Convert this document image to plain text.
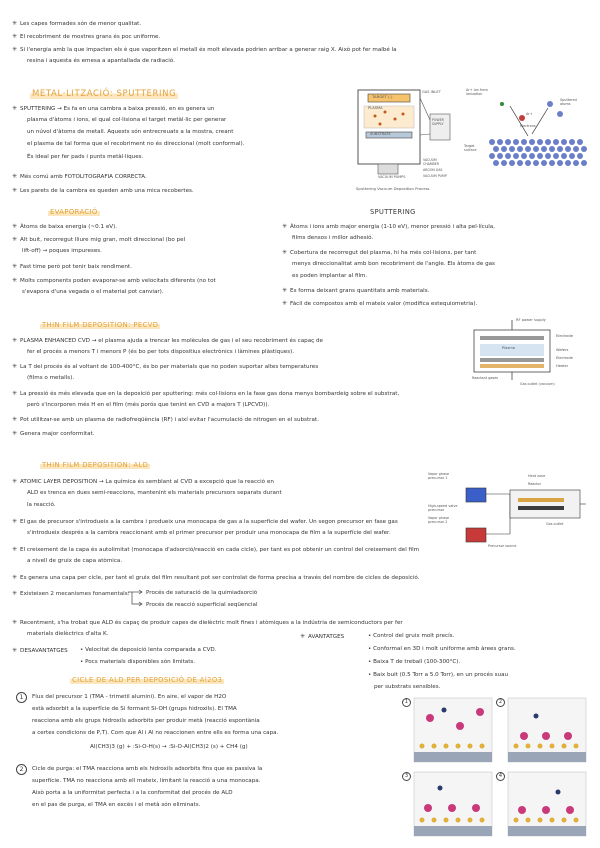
✳ Les capes formades són de menor qualitat.
✳ El recobriment de mostres grans és poc uniforme.
✳ Si l'energia amb la que impacten els è que vaporitzen el metall és molt elevada podrien arribar a generar raig X. Això pot fer malbé la
resina i aquesta és emesa a apantallada de radiació.
METAL·LITZACIÓ: SPUTTERING
✳ SPUTTERING → Es fa en una cambra a baixa pressió, en es genera un
plasma d'àtoms i ions, el qual col·lisiona el target metàl·lic per generar
un núvol d'àtoms de metall. Aquests són entrecreuats a la mostra, creant
el plasma de tal forma que el recobriment no és direccional (molt conformal).
És ideal per fer pads i punts metàl·liques.
✳ Més comú amb FOTOLITOGRAFIA CORRECTA.
✳ Les parets de la cambra es queden amb una mica recobertes.
TARGET (-)
PLASMA
SUBSTRATE
GAS INLET
VACUUM PUMPS
POWER SUPPLY
VACUUM CHAMBER
ARGON GAS
VACUUM PUMP
Sputtering Vacuum Deposition Process
Ar+ ion from ionization
Sputtered atoms
Electrons
Target surface
Ar+
EVAPORACIÓ	SPUTTERING
✳ Àtoms de baixa energia (~0.1 eV).
✳ Alt buit, recorregut lliure mig gran, molt direccional (bo pel
lift-off) → poques impureses.
✳ Fast time però pot tenir baix rendiment.
✳ Molts components poden evaporar-se amb velocitats diferents (no tot
s'evapora d'una vegada o el material pot canviar).
✳ Àtoms i ions amb major energia (1-10 eV), menor pressió i alta pel·lícula,
films densos i millor adhesió.
✳ Cobertura de recorregut del plasma, hi ha més col·lisions, per tant
menys direccionalitat amb bon recobriment de l'angle. Els àtoms de gas
es poden implantar al film.
✳ Es forma deixant grans quantitats amb materials.
✳ Fàcil de compostos amb el mateix valor (modifica estequiometria).
THIN FILM DEPOSITION: PECVD
✳ PLASMA ENHANCED CVD → el plasma ajuda a trencar les molècules de gas i el seu recobriment és capaç de
fer el procés a menors T i menors P (és bo per tots dispositius electrònics i làmines plàstiques).
✳ La T del procés és al voltant de 100-400°C, és bo per materials que no poden suportar altes temperatures
(films o metalls).
✳ La pressió és més elevada que en la deposició per sputtering: més col·lisions en la fase gas dona menys bombardeig sobre el substrat,
però s'incorporen més H en el film (més porós que tenint en CVD a majors T (LPCVD)).
✳ Pot utilitzar-se amb un plasma de radiofreqüència (RF) i així evitar l'acumulació de nitrogen en el substrat.
✳ Genera major conformitat.
RF power supply
Electrode
Plasma	Wafers
Electrode
Heater
Reactant gases
Gas outlet (vacuum)
THIN FILM DEPOSITION: ALD
✳ ATOMIC LAYER DEPOSITION → La química és semblant al CVD a excepció que la reacció en
ALD es trenca en dues semi-reaccions, mantenint els materials precursors separats durant
la reacció.
✳ El gas de precursor s'introdueix a la cambra i produeix una monocapa de gas a la superfície del wafer. Un segon precursor en fase gas
s'introdueix després a la cambra reaccionant amb el primer precursor per produir una monocapa de film a la superfície del wafer.
✳ El creixement de la capa és autolimitat (monocapa d'adsorció/reacció en cada cicle), per tant es pot obtenir un control del creixement del film
a nivell de gruix de capa atòmica.
✳ Es genera una capa per cicle, per tant el gruix del film resultant pot ser controlat de forma precisa a través del nombre de cicles de deposició.
✳ Existeixen 2 mecanismes fonamentals:	Procés de saturació de la quimiadsorció
Procés de reacció superficial seqüencial
✳ Recentment, s'ha trobat que ALD és capaç de produir capes de dielèctric molt fines i atòmiques a la indústria de semiconductors per fer
materials dielèctrics d'alta K.
✳ DESAVANTATGES • Velocitat de deposició lenta comparada a CVD.
• Pocs materials disponibles són limitats.
✳ AVANTATGES	• Control del gruix molt precís.
• Conformal en 3D i molt uniforme amb àrees grans.
• Baixa T de treball (100-300°C).
• Baix buit (0.5 Torr a 5.0 Torr), en un procés suau
per substrats sensibles.
Vapor phase precursor 1
High-speed valve precursor
Vapor phase precursor 2
Heat zone
Reactor
Gas outlet
Precursor source
CICLE DE ALD PER DEPOSICIÓ DE Al2O3
1	Flux del precursor 1 (TMA - trimetil alumini). En aire, el vapor de H2O
està adsorbit a la superfície de Si formant Si-OH (grups hidroxils). El TMA
reacciona amb els grups hidroxils adsorbits per produir metà (reacció espontània
a certes condicions de P,T). Com que Al i Al no reaccionen entre ells es forma una capa.
Al(CH3)3 (g) + :Si-O-H(s) → :Si-O-Al(CH3)2 (s) + CH4 (g)
2	Cicle de purga: el TMA reacciona amb els hidroxils adsorbits fins que es passiva la
superfície. TMA no reacciona amb ell mateix, limitant la reacció a una monocapa.
Això porta a la uniformitat perfecta i a la conformitat del procés de ALD
en el pas de purga, el TMA en excés i el metà són eliminats.
1	2
3	4
